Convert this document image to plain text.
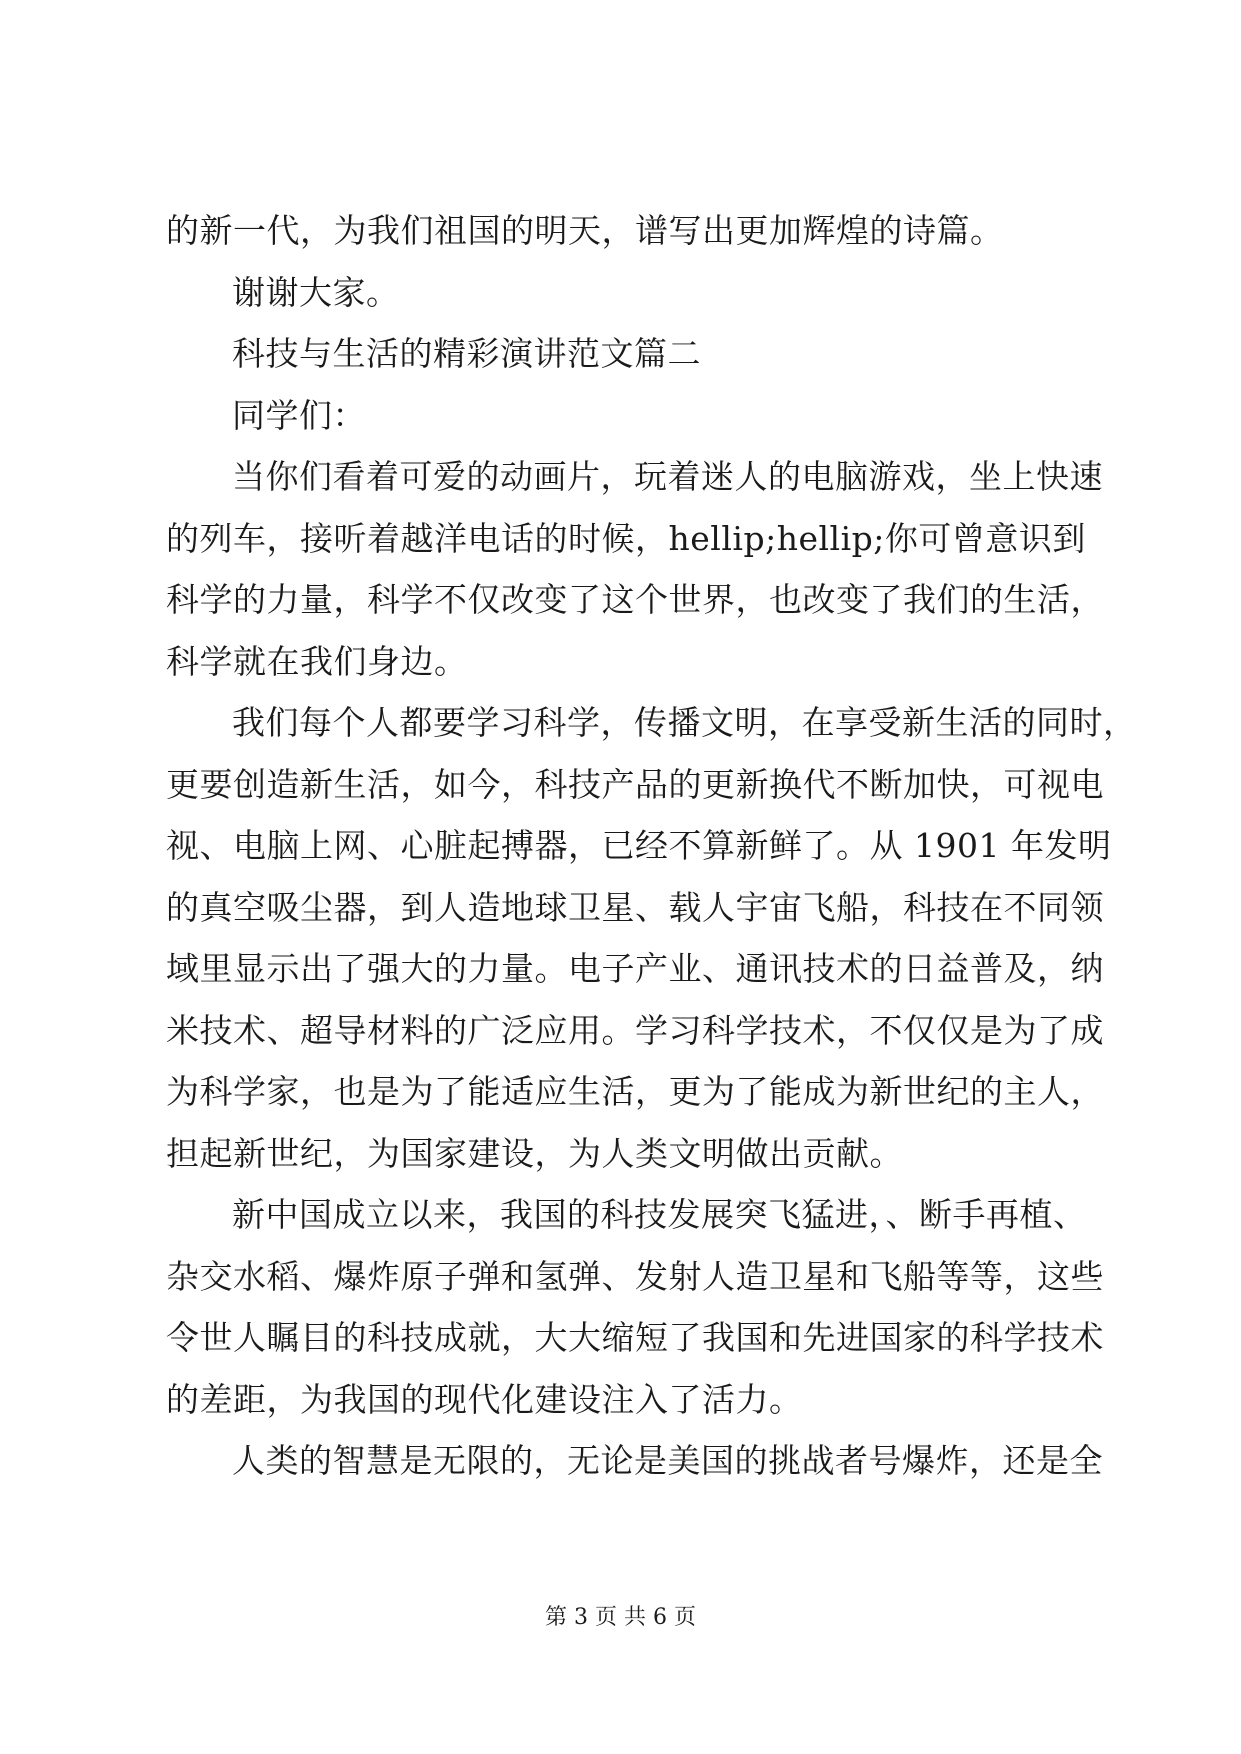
的新一代，为我们祖国的明天，谱写出更加辉煌的诗篇。
谢谢大家。
科技与生活的精彩演讲范文篇二
同学们：
当你们看着可爱的动画片，玩着迷人的电脑游戏，坐上快速
的列车，接听着越洋电话的时候，hellip;hellip;你可曾意识到
科学的力量，科学不仅改变了这个世界，也改变了我们的生活，
科学就在我们身边。
我们每个人都要学习科学，传播文明，在享受新生活的同时，
更要创造新生活，如今，科技产品的更新换代不断加快，可视电
视、电脑上网、心脏起搏器，已经不算新鲜了。从 1901 年发明
的真空吸尘器，到人造地球卫星、载人宇宙飞船，科技在不同领
域里显示出了强大的力量。电子产业、通讯技术的日益普及，纳
米技术、超导材料的广泛应用。学习科学技术，不仅仅是为了成
为科学家，也是为了能适应生活，更为了能成为新世纪的主人，
担起新世纪，为国家建设，为人类文明做出贡献。
新中国成立以来，我国的科技发展突飞猛进，、断手再植、
杂交水稻、爆炸原子弹和氢弹、发射人造卫星和飞船等等，这些
令世人瞩目的科技成就，大大缩短了我国和先进国家的科学技术
的差距，为我国的现代化建设注入了活力。
人类的智慧是无限的，无论是美国的挑战者号爆炸，还是全
第 3 页 共 6 页
